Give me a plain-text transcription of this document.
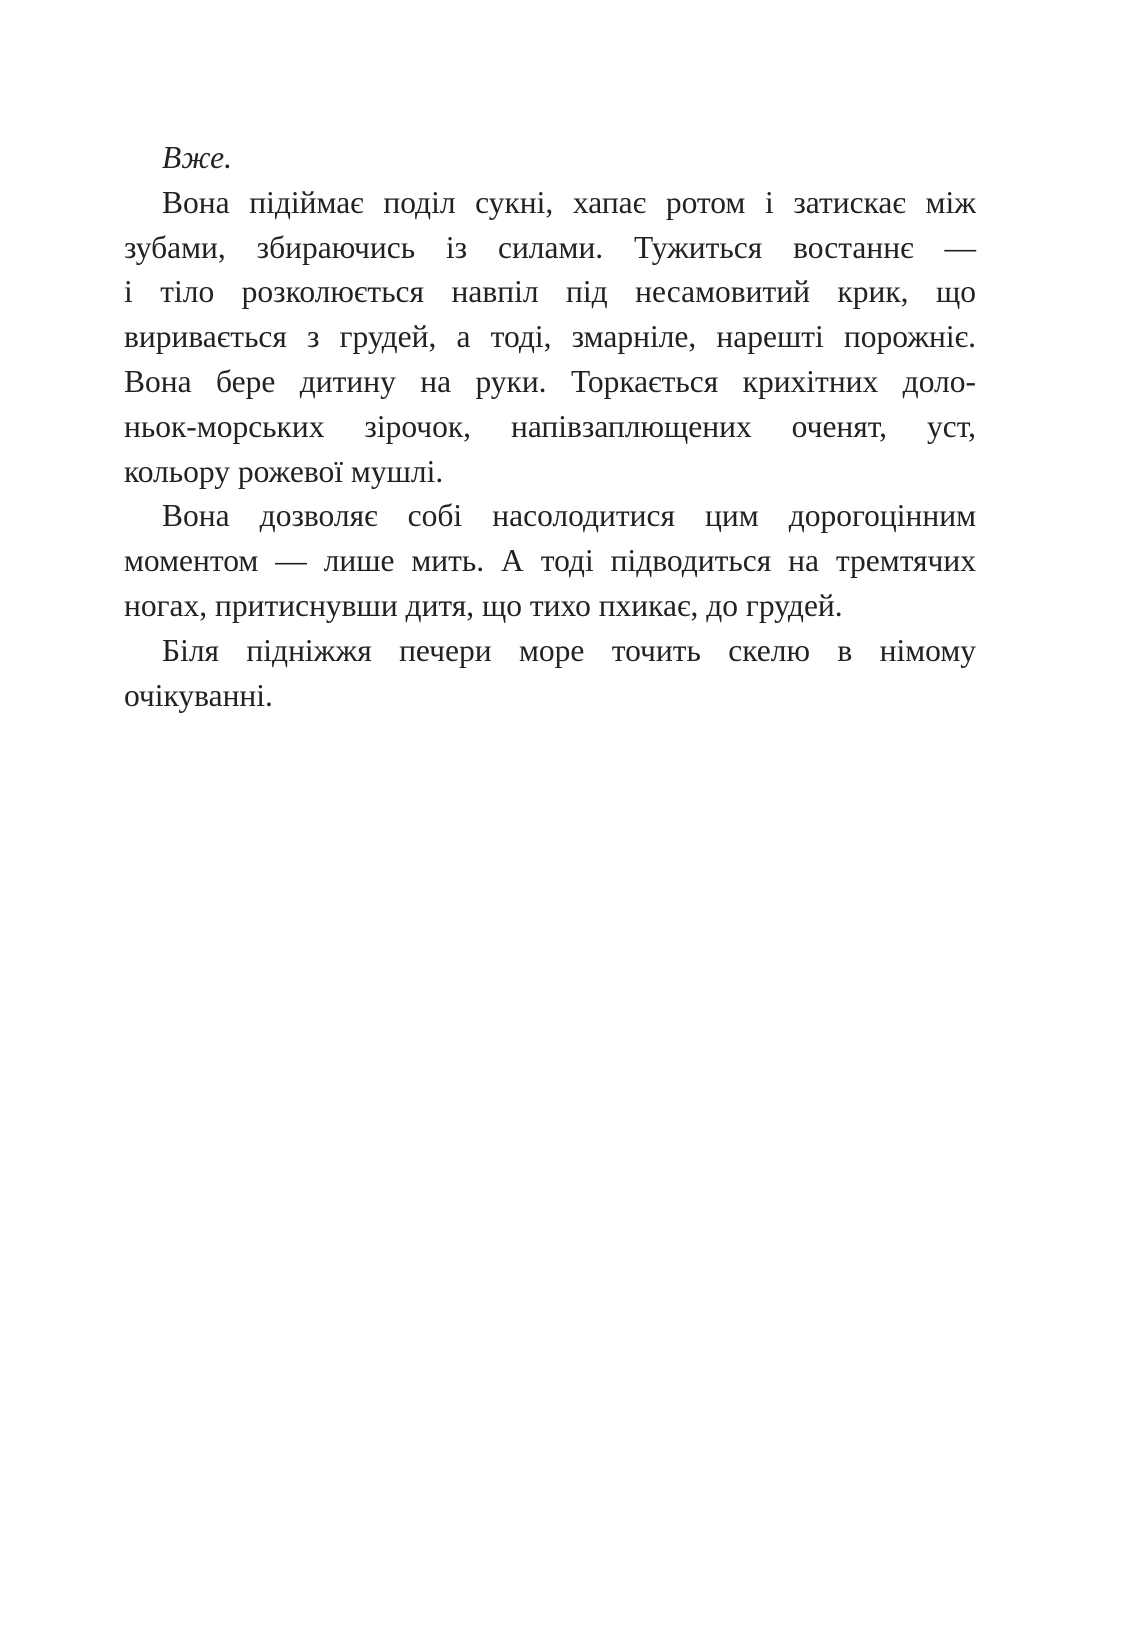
Вже.

Вона підіймає поділ сукні, хапає ротом і затискає між
зубами, збираючись із силами. Тужиться востаннє —
і тіло розколюється навпіл під несамовитий крик, що
виривається з грудей, а тоді, змарніле, нарешті порожніє.
Вона бере дитину на руки. Торкається крихітних доло-
ньок-морських зірочок, напівзаплющених оченят, уст,
кольору рожевої мушлі.

Вона дозволяє собі насолодитися цим дорогоцінним
моментом — лише мить. А тоді підводиться на тремтячих
ногах, притиснувши дитя, що тихо пхикає, до грудей.

Біля підніжжя печери море точить скелю в німому
очікуванні.
